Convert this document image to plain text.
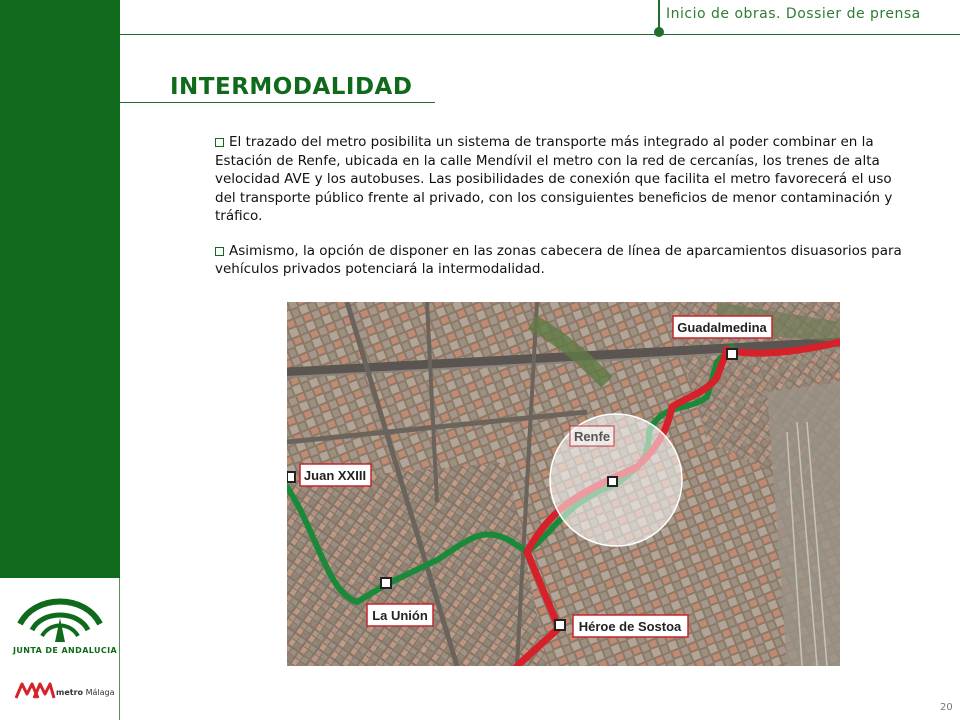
Inicio de obras. Dossier de prensa
INTERMODALIDAD

El trazado del metro posibilita un sistema de transporte más integrado al poder combinar en la Estación de Renfe, ubicada en la calle Mendívil el metro con la red de cercanías, los trenes de alta velocidad AVE y los autobuses. Las posibilidades de conexión que facilita el metro favorecerá el uso del transporte público frente al privado, con los consiguientes beneficios de menor contaminación y tráfico.

Asimismo, la opción de disponer en las zonas cabecera de línea de aparcamientos disuasorios para vehículos privados potenciará la intermodalidad.

Guadalmedina
Renfe
Juan XXIII
La Unión
Héroe de Sostoa
JUNTA DE ANDALUCIA
metro Málaga
20
